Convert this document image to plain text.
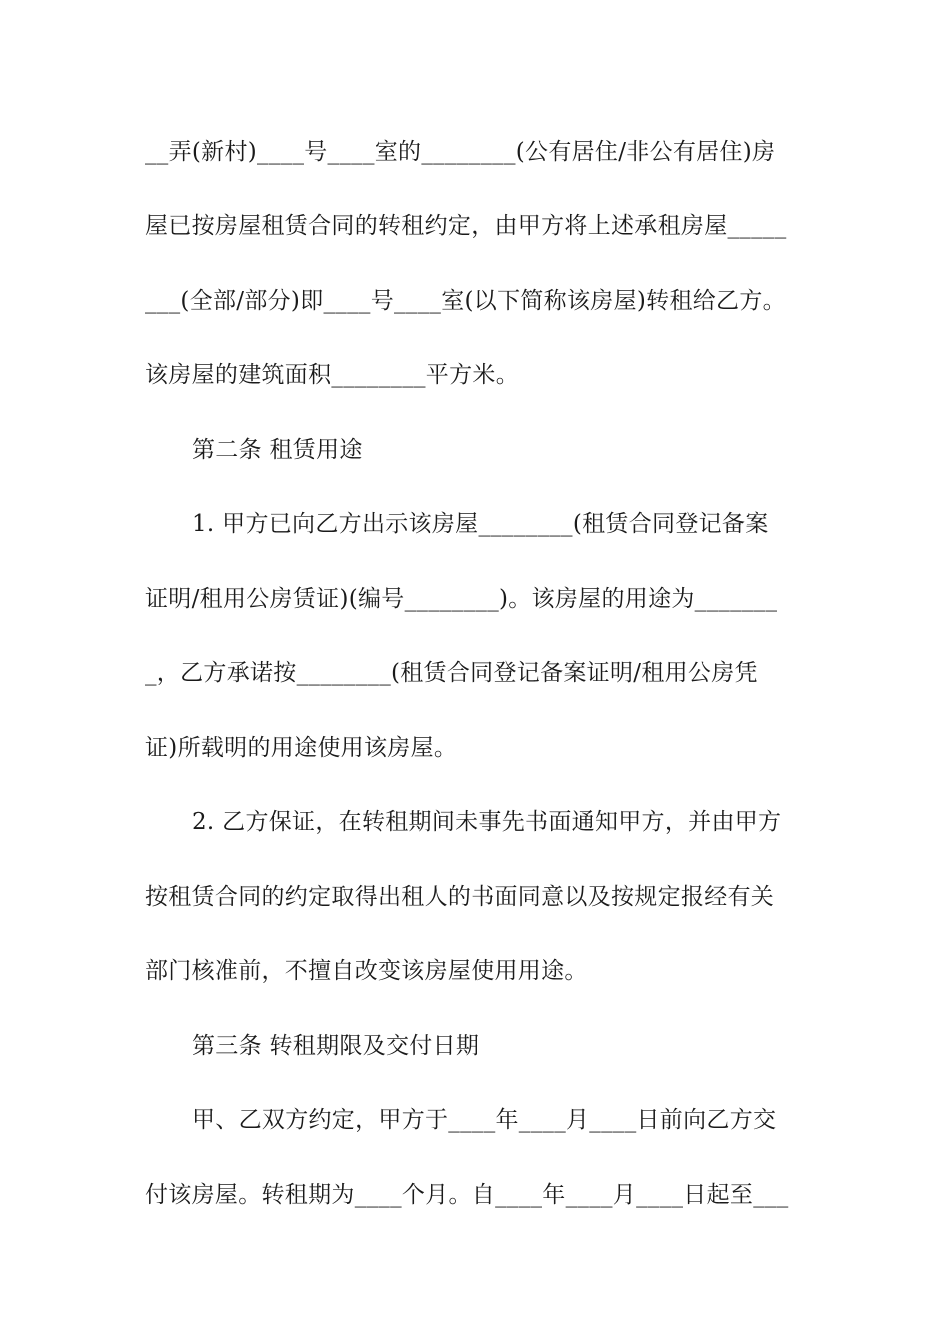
__弄(新村)____号____室的________(公有居住/非公有居住)房
屋已按房屋租赁合同的转租约定，由甲方将上述承租房屋_____
___(全部/部分)即____号____室(以下简称该房屋)转租给乙方。
该房屋的建筑面积________平方米。
第二条 租赁用途
1. 甲方已向乙方出示该房屋________(租赁合同登记备案
证明/租用公房赁证)(编号________)。该房屋的用途为_______
_，乙方承诺按________(租赁合同登记备案证明/租用公房凭
证)所载明的用途使用该房屋。
2. 乙方保证，在转租期间未事先书面通知甲方，并由甲方
按租赁合同的约定取得出租人的书面同意以及按规定报经有关
部门核准前，不擅自改变该房屋使用用途。
第三条 转租期限及交付日期
甲、乙双方约定，甲方于____年____月____日前向乙方交
付该房屋。转租期为____个月。自____年____月____日起至___
